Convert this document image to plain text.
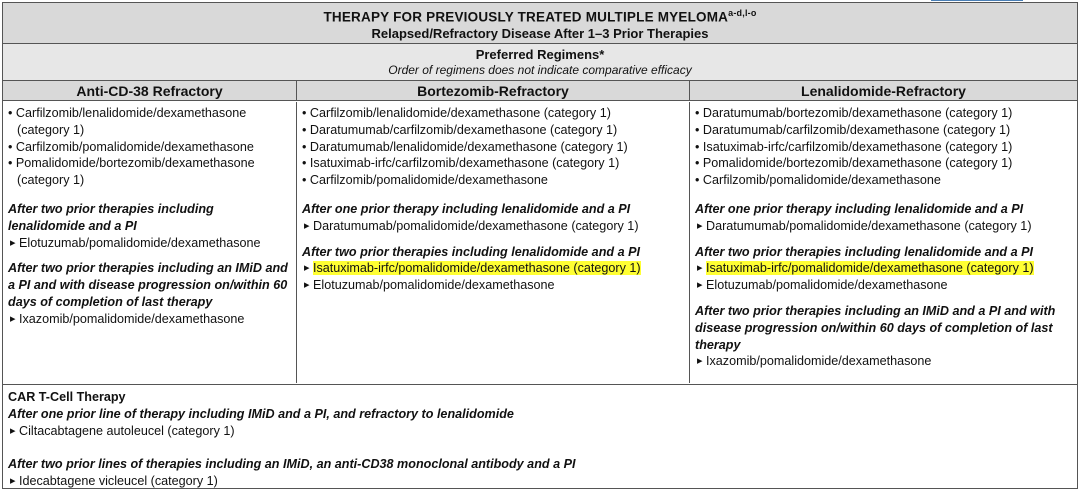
THERAPY FOR PREVIOUSLY TREATED MULTIPLE MYELOMA$^{a-d,l-o}$
Relapsed/Refractory Disease After 1–3 Prior Therapies
Preferred Regimens*
Order of regimens does not indicate comparative efficacy
Anti-CD-38 Refractory	Bortezomib-Refractory	Lenalidomide-Refractory
• Carfilzomib/lenalidomide/dexamethasone (category 1)
• Carfilzomib/pomalidomide/dexamethasone
• Pomalidomide/bortezomib/dexamethasone (category 1)
After two prior therapies including lenalidomide and a PI
▸ Elotuzumab/pomalidomide/dexamethasone
After two prior therapies including an IMiD and a PI and with disease progression on/within 60 days of completion of last therapy
▸ Ixazomib/pomalidomide/dexamethasone
• Carfilzomib/lenalidomide/dexamethasone (category 1)
• Daratumumab/carfilzomib/dexamethasone (category 1)
• Daratumumab/lenalidomide/dexamethasone (category 1)
• Isatuximab-irfc/carfilzomib/dexamethasone (category 1)
• Carfilzomib/pomalidomide/dexamethasone
After one prior therapy including lenalidomide and a PI
▸ Daratumumab/pomalidomide/dexamethasone (category 1)
After two prior therapies including lenalidomide and a PI
▸ Isatuximab-irfc/pomalidomide/dexamethasone (category 1)
▸ Elotuzumab/pomalidomide/dexamethasone
• Daratumumab/bortezomib/dexamethasone (category 1)
• Daratumumab/carfilzomib/dexamethasone (category 1)
• Isatuximab-irfc/carfilzomib/dexamethasone (category 1)
• Pomalidomide/bortezomib/dexamethasone (category 1)
• Carfilzomib/pomalidomide/dexamethasone
After one prior therapy including lenalidomide and a PI
▸ Daratumumab/pomalidomide/dexamethasone (category 1)
After two prior therapies including lenalidomide and a PI
▸ Isatuximab-irfc/pomalidomide/dexamethasone (category 1)
▸ Elotuzumab/pomalidomide/dexamethasone
After two prior therapies including an IMiD and a PI and with disease progression on/within 60 days of completion of last therapy
▸ Ixazomib/pomalidomide/dexamethasone
CAR T-Cell Therapy
After one prior line of therapy including IMiD and a PI, and refractory to lenalidomide
▸ Ciltacabtagene autoleucel (category 1)
After two prior lines of therapies including an IMiD, an anti-CD38 monoclonal antibody and a PI
▸ Idecabtagene vicleucel (category 1)
